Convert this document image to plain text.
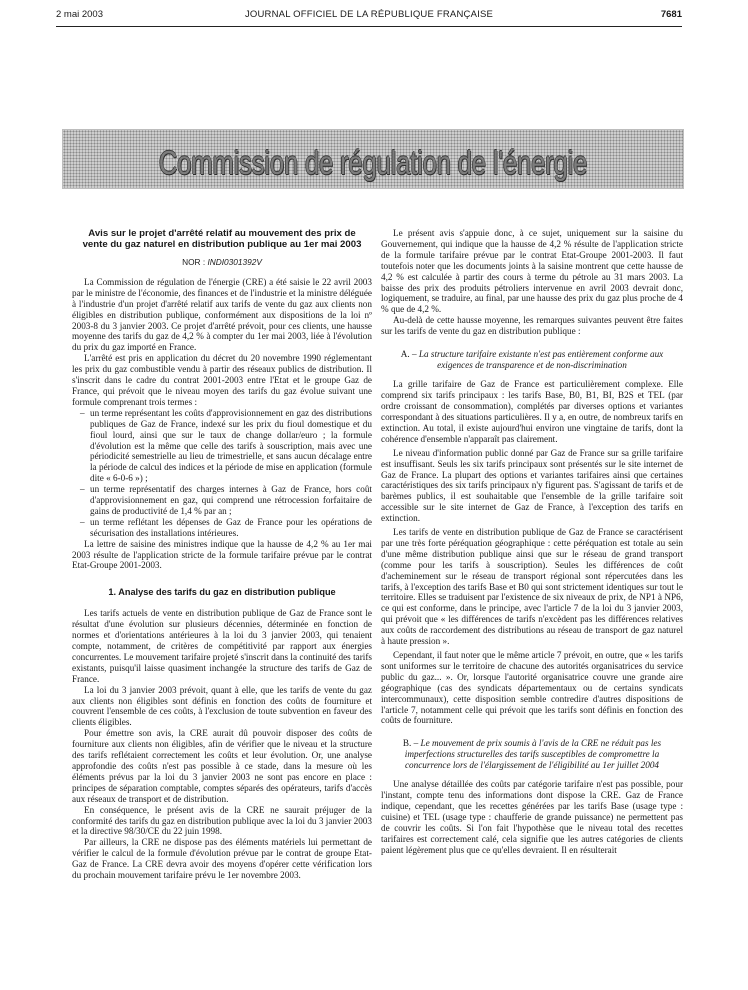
2 mai 2003	JOURNAL OFFICIEL DE LA RÉPUBLIQUE FRANÇAISE	7681
Commission de régulation de l'énergie
Avis sur le projet d'arrêté relatif au mouvement des prix de vente du gaz naturel en distribution publique au 1er mai 2003
NOR : INDI0301392V

La Commission de régulation de l'énergie (CRE) a été saisie le 22 avril 2003 par le ministre de l'économie, des finances et de l'industrie et la ministre déléguée à l'industrie d'un projet d'arrêté relatif aux tarifs de vente du gaz aux clients non éligibles en distribution publique, conformément aux dispositions de la loi nº 2003-8 du 3 janvier 2003. Ce projet d'arrêté prévoit, pour ces clients, une hausse moyenne des tarifs du gaz de 4,2 % à compter du 1er mai 2003, liée à l'évolution du prix du gaz importé en France.

L'arrêté est pris en application du décret du 20 novembre 1990 réglementant les prix du gaz combustible vendu à partir des réseaux publics de distribution. Il s'inscrit dans le cadre du contrat 2001-2003 entre l'Etat et le groupe Gaz de France, qui prévoit que le niveau moyen des tarifs du gaz évolue suivant une formule comprenant trois termes :

– un terme représentant les coûts d'approvisionnement en gaz des distributions publiques de Gaz de France, indexé sur les prix du fioul domestique et du fioul lourd, ainsi que sur le taux de change dollar/euro ; la formule d'évolution est la même que celle des tarifs à souscription, mais avec une périodicité semestrielle au lieu de trimestrielle, et sans aucun décalage entre la période de calcul des indices et la période de mise en application (formule dite « 6-0-6 ») ;
– un terme représentatif des charges internes à Gaz de France, hors coût d'approvisionnement en gaz, qui comprend une rétrocession forfaitaire de gains de productivité de 1,4 % par an ;
– un terme reflétant les dépenses de Gaz de France pour les opérations de sécurisation des installations intérieures.

La lettre de saisine des ministres indique que la hausse de 4,2 % au 1er mai 2003 résulte de l'application stricte de la formule tarifaire prévue par le contrat Etat-Groupe 2001-2003.

1. Analyse des tarifs du gaz en distribution publique

Les tarifs actuels de vente en distribution publique de Gaz de France sont le résultat d'une évolution sur plusieurs décennies, déterminée en fonction de normes et d'orientations antérieures à la loi du 3 janvier 2003, qui tenaient compte, notamment, de critères de compétitivité par rapport aux énergies concurrentes. Le mouvement tarifaire projeté s'inscrit dans la continuité des tarifs existants, puisqu'il laisse quasiment inchangée la structure des tarifs de Gaz de France.

La loi du 3 janvier 2003 prévoit, quant à elle, que les tarifs de vente du gaz aux clients non éligibles sont définis en fonction des coûts de fourniture et couvrent l'ensemble de ces coûts, à l'exclusion de toute subvention en faveur des clients éligibles.

Pour émettre son avis, la CRE aurait dû pouvoir disposer des coûts de fourniture aux clients non éligibles, afin de vérifier que le niveau et la structure des tarifs reflétaient correctement les coûts et leur évolution. Or, une analyse approfondie des coûts n'est pas possible à ce stade, dans la mesure où les éléments prévus par la loi du 3 janvier 2003 ne sont pas encore en place : principes de séparation comptable, comptes séparés des opérateurs, tarifs d'accès aux réseaux de transport et de distribution.

En conséquence, le présent avis de la CRE ne saurait préjuger de la conformité des tarifs du gaz en distribution publique avec la loi du 3 janvier 2003 et la directive 98/30/CE du 22 juin 1998.

Par ailleurs, la CRE ne dispose pas des éléments matériels lui permettant de vérifier le calcul de la formule d'évolution prévue par le contrat de groupe Etat-Gaz de France. La CRE devra avoir des moyens d'opérer cette vérification lors du prochain mouvement tarifaire prévu le 1er novembre 2003.

Le présent avis s'appuie donc, à ce sujet, uniquement sur la saisine du Gouvernement, qui indique que la hausse de 4,2 % résulte de l'application stricte de la formule tarifaire prévue par le contrat Etat-Groupe 2001-2003. Il faut toutefois noter que les documents joints à la saisine montrent que cette hausse de 4,2 % est calculée à partir des cours à terme du pétrole au 31 mars 2003. La baisse des prix des produits pétroliers intervenue en avril 2003 devrait donc, logiquement, se traduire, au final, par une hausse des prix du gaz plus proche de 4 % que de 4,2 %.

Au-delà de cette hausse moyenne, les remarques suivantes peuvent être faites sur les tarifs de vente du gaz en distribution publique :

A. – La structure tarifaire existante n'est pas entièrement conforme aux exigences de transparence et de non-discrimination

La grille tarifaire de Gaz de France est particulièrement complexe. Elle comprend six tarifs principaux : les tarifs Base, B0, B1, BI, B2S et TEL (par ordre croissant de consommation), complétés par diverses options et variantes correspondant à des situations particulières. Il y a, en outre, de nombreux tarifs en extinction. Au total, il existe aujourd'hui environ une vingtaine de tarifs, dont la cohérence d'ensemble n'apparaît pas clairement.

Le niveau d'information public donné par Gaz de France sur sa grille tarifaire est insuffisant. Seuls les six tarifs principaux sont présentés sur le site internet de Gaz de France. La plupart des options et variantes tarifaires ainsi que certaines caractéristiques des six tarifs principaux n'y figurent pas. S'agissant de tarifs et de barèmes publics, il est souhaitable que l'ensemble de la grille tarifaire soit accessible sur le site internet de Gaz de France, à l'exception des tarifs en extinction.

Les tarifs de vente en distribution publique de Gaz de France se caractérisent par une très forte péréquation géographique : cette péréquation est totale au sein d'une même distribution publique ainsi que sur le réseau de grand transport (comme pour les tarifs à souscription). Seules les différences de coût d'acheminement sur le réseau de transport régional sont répercutées dans les tarifs, à l'exception des tarifs Base et B0 qui sont strictement identiques sur tout le territoire. Elles se traduisent par l'existence de six niveaux de prix, de NP1 à NP6, ce qui est conforme, dans le principe, avec l'article 7 de la loi du 3 janvier 2003, qui prévoit que « les différences de tarifs n'excèdent pas les différences relatives aux coûts de raccordement des distributions au réseau de transport de gaz naturel à haute pression ».

Cependant, il faut noter que le même article 7 prévoit, en outre, que « les tarifs sont uniformes sur le territoire de chacune des autorités organisatrices du service public du gaz... ». Or, lorsque l'autorité organisatrice couvre une grande aire géographique (cas des syndicats départementaux ou de certains syndicats intercommunaux), cette disposition semble contredire d'autres dispositions de l'article 7, notamment celle qui prévoit que les tarifs sont définis en fonction des coûts de fourniture.

B. – Le mouvement de prix soumis à l'avis de la CRE ne réduit pas les imperfections structurelles des tarifs susceptibles de compromettre la concurrence lors de l'élargissement de l'éligibilité au 1er juillet 2004

Une analyse détaillée des coûts par catégorie tarifaire n'est pas possible, pour l'instant, compte tenu des informations dont dispose la CRE. Gaz de France indique, cependant, que les recettes générées par les tarifs Base (usage type : cuisine) et TEL (usage type : chaufferie de grande puissance) ne permettent pas de couvrir les coûts. Si l'on fait l'hypothèse que le niveau total des recettes tarifaires est correctement calé, cela signifie que les autres catégories de clients paient légèrement plus que ce qu'elles devraient. Il en résulterait
